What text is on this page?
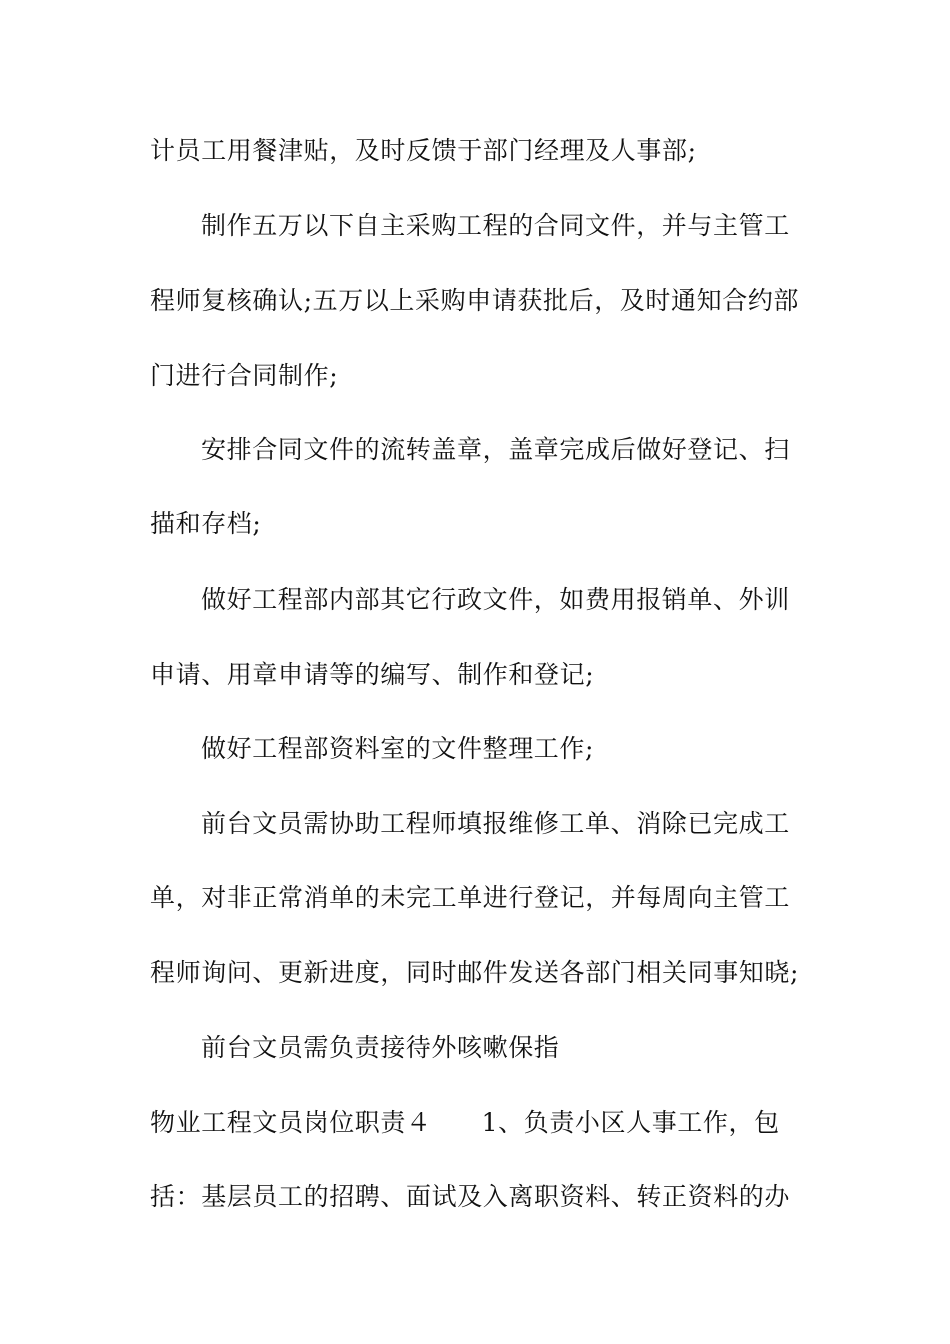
计员工用餐津贴，及时反馈于部门经理及人事部;
制作五万以下自主采购工程的合同文件，并与主管工
程师复核确认;五万以上采购申请获批后，及时通知合约部
门进行合同制作;
安排合同文件的流转盖章，盖章完成后做好登记、扫
描和存档;
做好工程部内部其它行政文件，如费用报销单、外训
申请、用章申请等的编写、制作和登记;
做好工程部资料室的文件整理工作;
前台文员需协助工程师填报维修工单、消除已完成工
单，对非正常消单的未完工单进行登记，并每周向主管工
程师询问、更新进度，同时邮件发送各部门相关同事知晓;
前台文员需负责接待外咳嗽保指
物业工程文员岗位职责４ 1、负责小区人事工作，包
括：基层员工的招聘、面试及入离职资料、转正资料的办
